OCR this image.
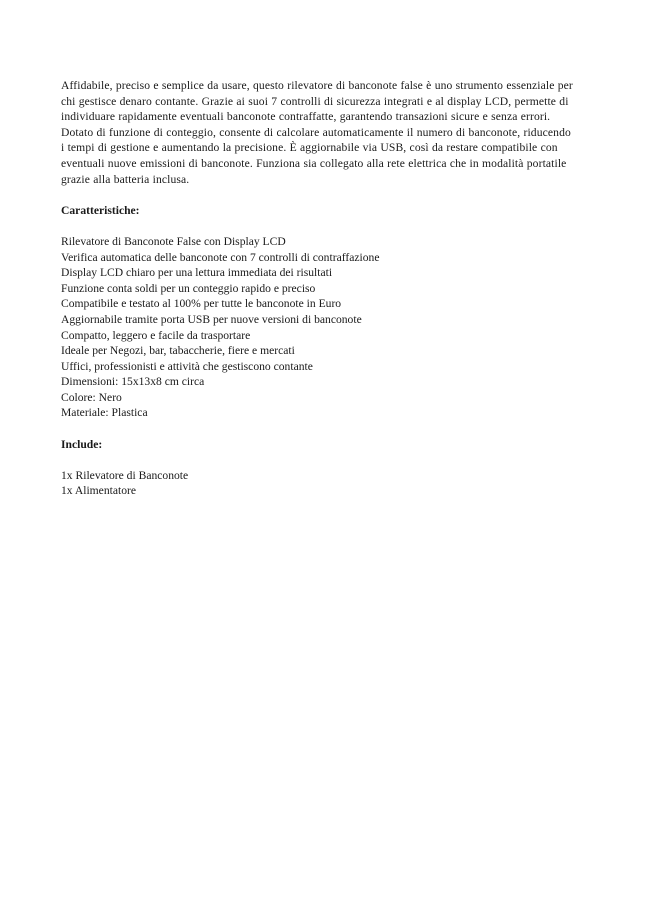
Affidabile, preciso e semplice da usare, questo rilevatore di banconote false è uno strumento essenziale per chi gestisce denaro contante. Grazie ai suoi 7 controlli di sicurezza integrati e al display LCD, permette di individuare rapidamente eventuali banconote contraffatte, garantendo transazioni sicure e senza errori.

Dotato di funzione di conteggio, consente di calcolare automaticamente il numero di banconote, riducendo i tempi di gestione e aumentando la precisione. È aggiornabile via USB, così da restare compatibile con eventuali nuove emissioni di banconote. Funziona sia collegato alla rete elettrica che in modalità portatile grazie alla batteria inclusa.

Caratteristiche:

Rilevatore di Banconote False con Display LCD
Verifica automatica delle banconote con 7 controlli di contraffazione
Display LCD chiaro per una lettura immediata dei risultati
Funzione conta soldi per un conteggio rapido e preciso
Compatibile e testato al 100% per tutte le banconote in Euro
Aggiornabile tramite porta USB per nuove versioni di banconote
Compatto, leggero e facile da trasportare
Ideale per Negozi, bar, tabaccherie, fiere e mercati
Uffici, professionisti e attività che gestiscono contante
Dimensioni: 15x13x8 cm circa
Colore: Nero
Materiale: Plastica

Include:

1x Rilevatore di Banconote
1x Alimentatore
